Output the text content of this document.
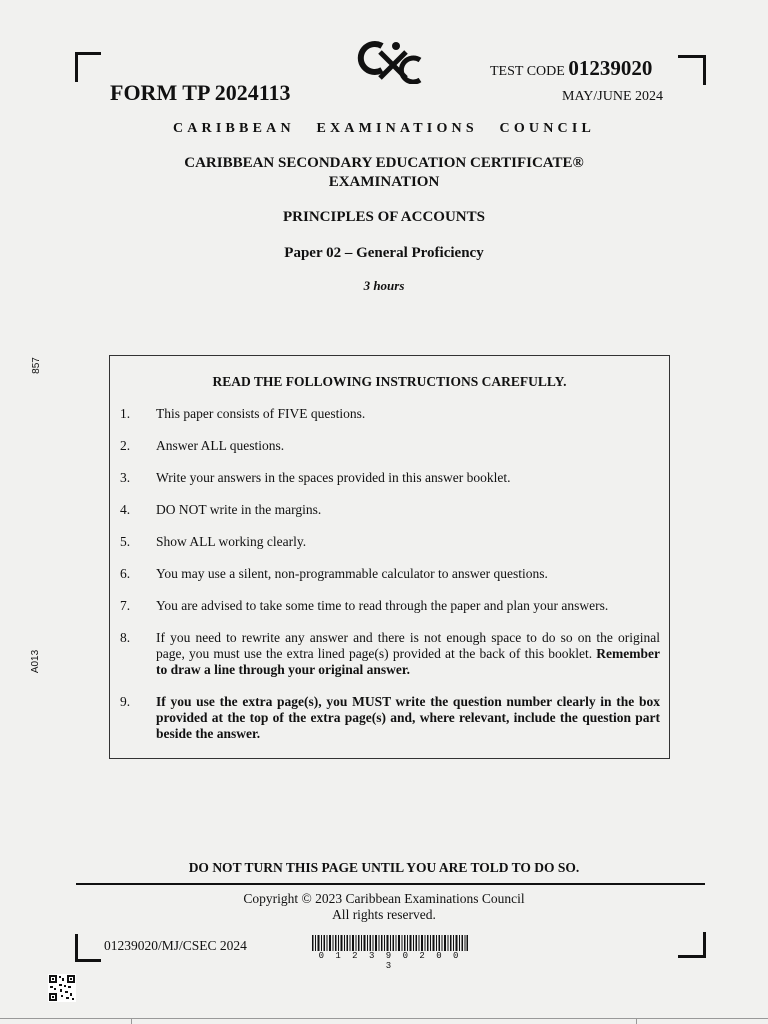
FORM TP 2024113
TEST CODE 01239020
MAY/JUNE 2024
CARIBBEAN EXAMINATIONS COUNCIL
CARIBBEAN SECONDARY EDUCATION CERTIFICATE®
EXAMINATION
PRINCIPLES OF ACCOUNTS
Paper 02 – General Proficiency
3 hours
857
A013
READ THE FOLLOWING INSTRUCTIONS CAREFULLY.
1.	This paper consists of FIVE questions.
2.	Answer ALL questions.
3.	Write your answers in the spaces provided in this answer booklet.
4.	DO NOT write in the margins.
5.	Show ALL working clearly.
6.	You may use a silent, non-programmable calculator to answer questions.
7.	You are advised to take some time to read through the paper and plan your answers.
8.	If you need to rewrite any answer and there is not enough space to do so on the original page, you must use the extra lined page(s) provided at the back of this booklet. Remember to draw a line through your original answer.
9.	If you use the extra page(s), you MUST write the question number clearly in the box provided at the top of the extra page(s) and, where relevant, include the question part beside the answer.
DO NOT TURN THIS PAGE UNTIL YOU ARE TOLD TO DO SO.
Copyright © 2023 Caribbean Examinations Council
All rights reserved.
01239020/MJ/CSEC 2024
0 1 2 3 9 0 2 0 0 3
